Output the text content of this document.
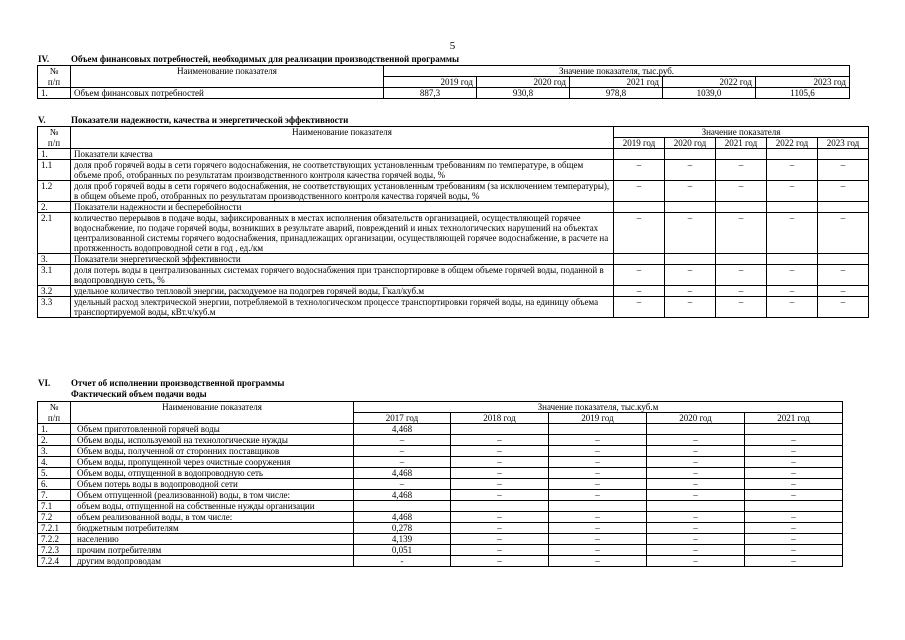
5
IV. Объем финансовых потребностей, необходимых для реализации производственной программы
№	Наименование показателя	Значение показателя, тыс.руб.				
п/п		2019 год	2020 год	2021 год	2022 год	2023 год
1.	Объем финансовых потребностей	887,3	930,8	978,8	1039,0	1105,6
V.	Показатели надежности, качества и энергетической эффективности
№	Наименование показателя	Значение показателя				
п/п		2019 год	2020 год	2021 год	2022 год	2023 год
1.	Показатели качества					
1.1	доля проб горячей воды в сети горячего водоснабжения, не соответствующих установленным требованиям по температуре, в общем объеме проб, отобранных по результатам производственного контроля качества горячей воды, %	–	–	–	–	–
1.2	доля проб горячей воды в сети горячего водоснабжения, не соответствующих установленным требованиям (за исключением температуры), в общем объеме проб, отобранных по результатам производственного контроля качества горячей воды, %	–	–	–	–	–
2.	Показатели надежности и бесперебойности					
2.1	количество перерывов в подаче воды, зафиксированных в местах исполнения обязательств организацией, осуществляющей горячее водоснабжение, по подаче горячей воды, возникших в результате аварий, повреждений и иных технологических нарушений на объектах централизованной системы горячего водоснабжения, принадлежащих организации, осуществляющей горячее водоснабжение, в расчете на протяженность водопроводной сети в год , ед./км	–	–	–	–	–
3.	Показатели энергетической эффективности					
3.1	доля потерь воды в централизованных системах горячего водоснабжения при транспортировке в общем объеме горячей воды, поданной в водопроводную сеть, %	–	–	–	–	–
3.2	удельное количество тепловой энергии, расходуемое на подогрев горячей воды, Гкал/куб.м	–	–	–	–	–
3.3	удельный расход электрической энергии, потребляемой в технологическом процессе транспортировки горячей воды, на единицу объема транспортируемой воды, кВт.ч/куб.м	–	–	–	–	–
VI. Отчет об исполнении производственной программы
Фактический объем подачи воды
№	Наименование показателя	Значение показателя, тыс.куб.м				
п/п		2017 год	2018 год	2019 год	2020 год	2021 год
1.	Объем приготовленной горячей воды	4,468				
2.	Объем воды, используемой на технологические нужды	–	–	–	–	–
3.	Объем воды, полученной от сторонних поставщиков	–	–	–	–	–
4.	Объем воды, пропущенной через очистные сооружения	–	–	–	–	–
5.	Объем воды, отпущенной в водопроводную сеть	4,468	–	–	–	–
6.	Объем потерь воды в водопроводной сети	–	–	–	–	–
7.	Объем отпущенной (реализованной) воды, в том числе:	4,468	–	–	–	–
7.1	объем воды, отпущенной на собственные нужды организации					
7.2	объем реализованной воды, в том числе:	4,468	–	–	–	–
7.2.1	бюджетным потребителям	0,278	–	–	–	–
7.2.2	населению	4,139	–	–	–	–
7.2.3	прочим потребителям	0,051	–	–	–	–
7.2.4	другим водопроводам	-	–	–	–	–
